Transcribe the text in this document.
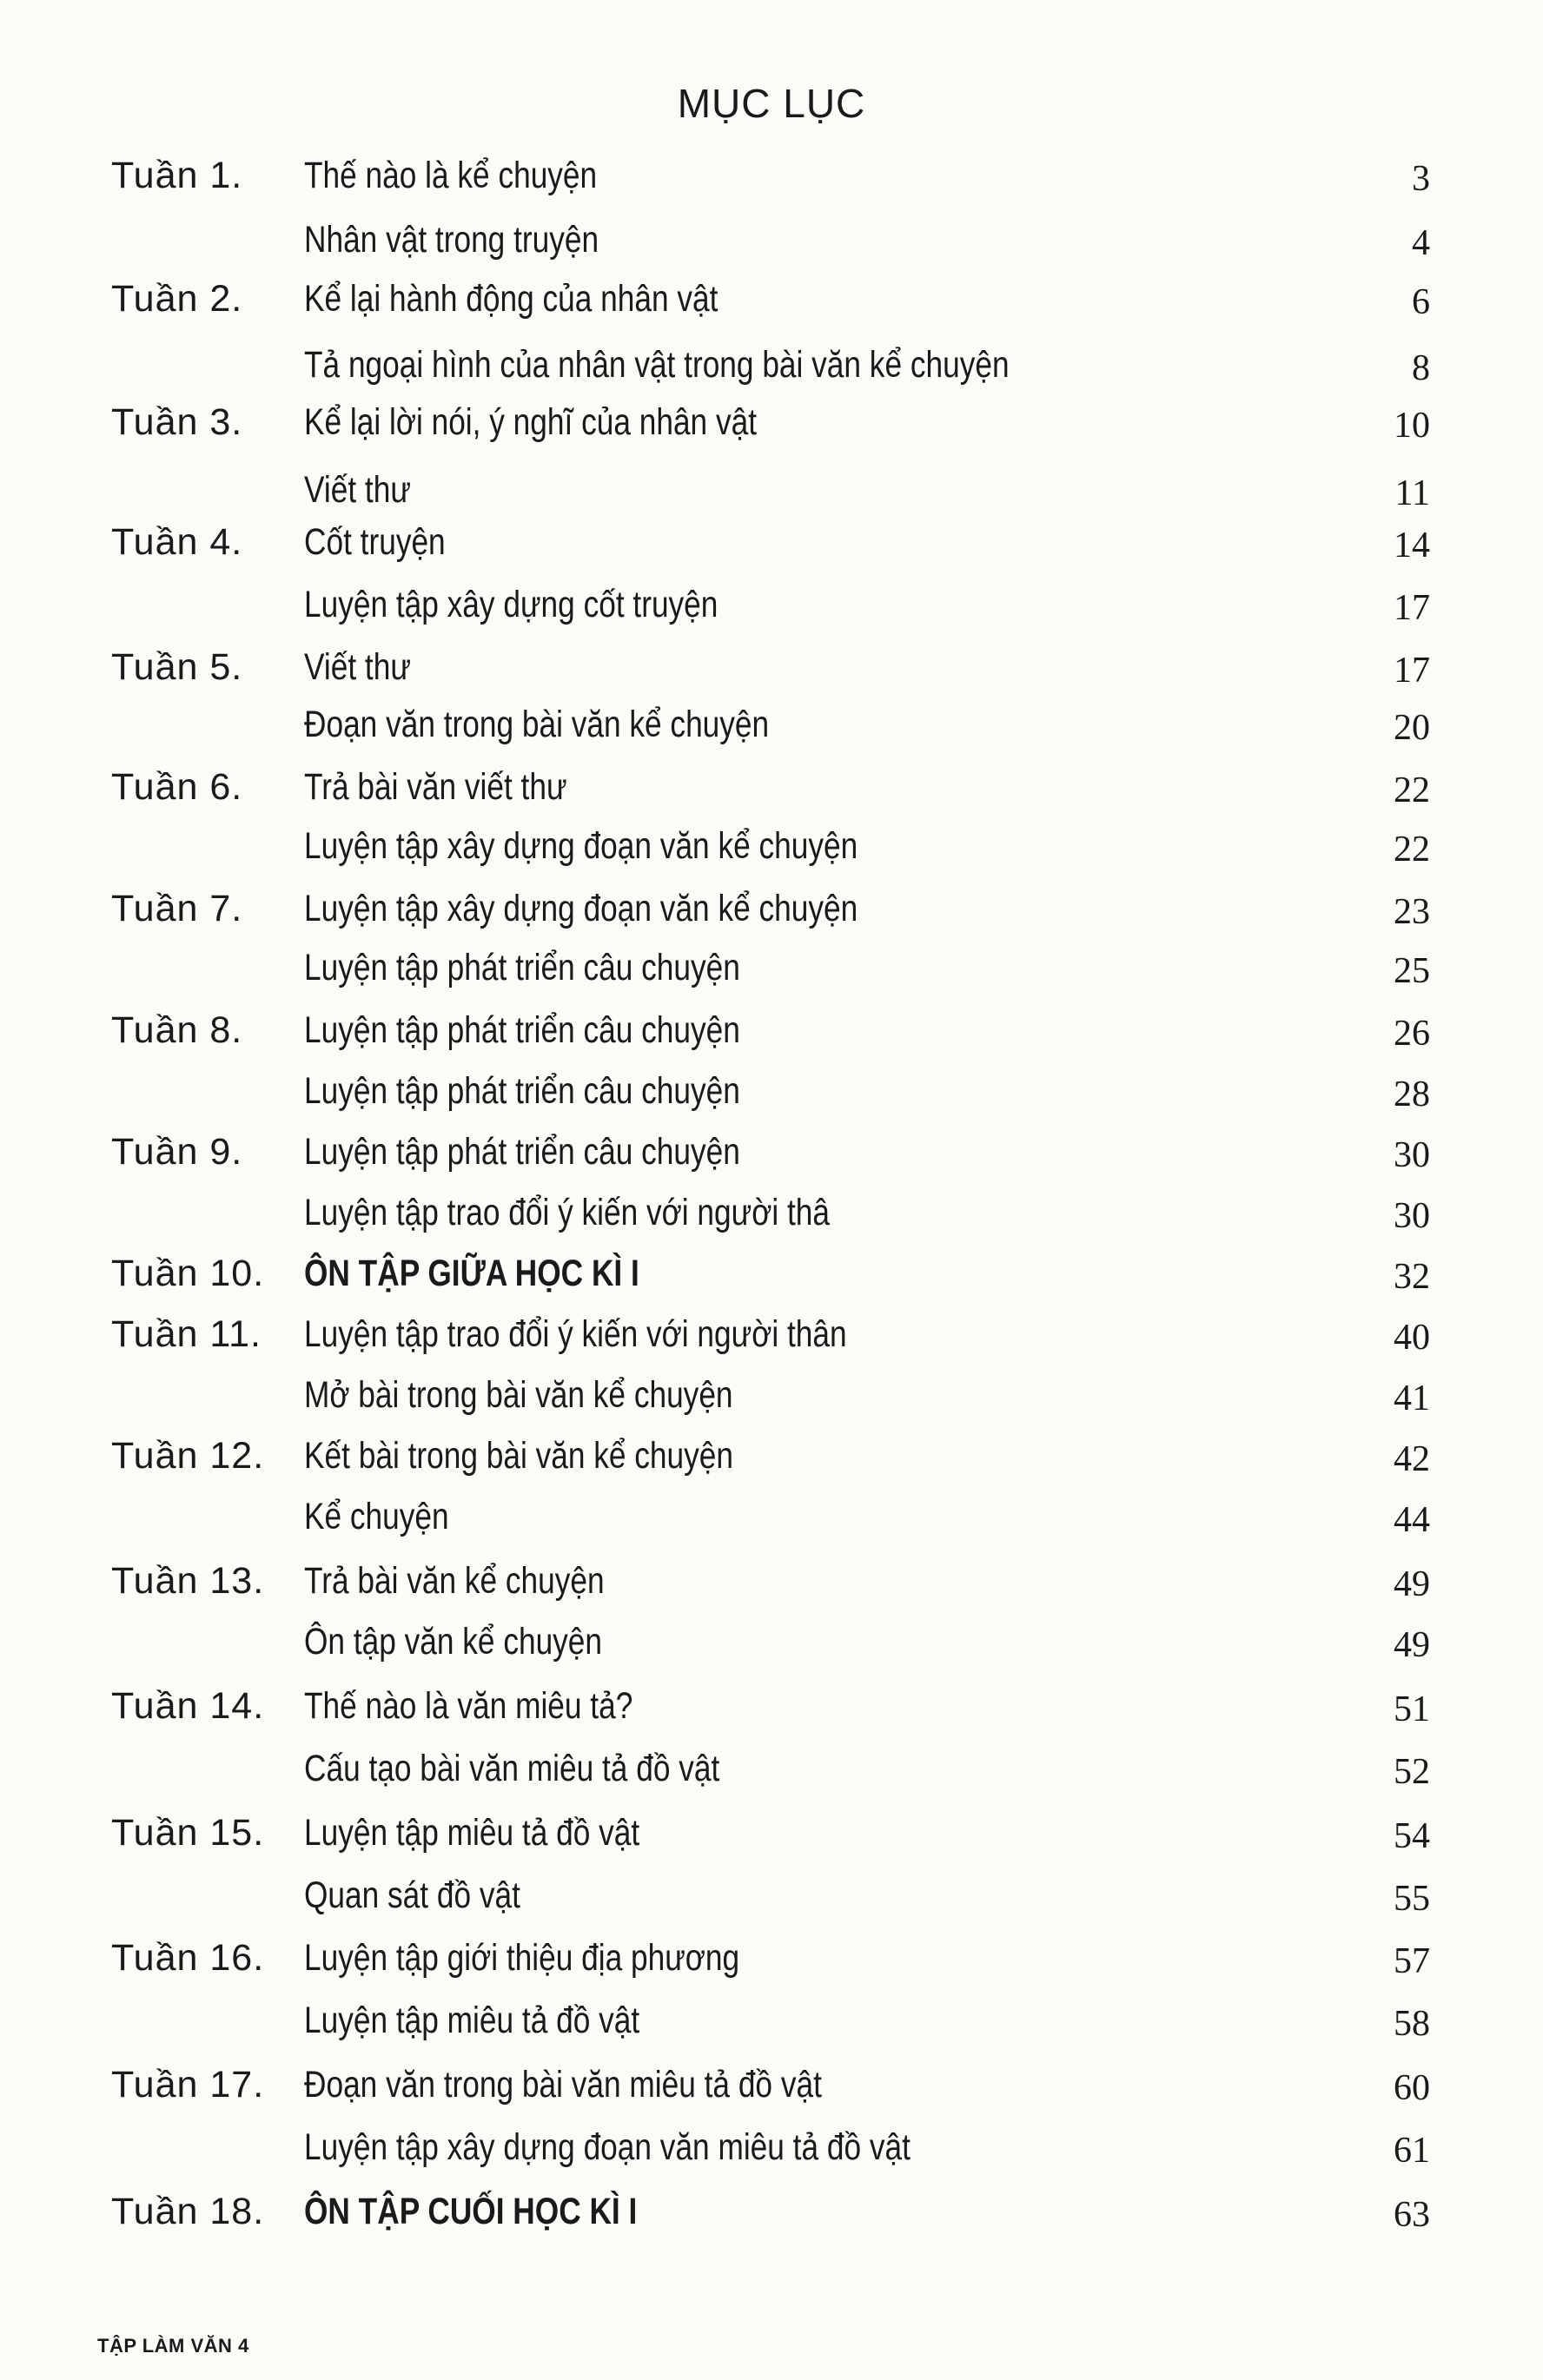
MỤC LỤC
Tuần 1. Thế nào là kể chuyện	3
Nhân vật trong truyện	4
Tuần 2. Kể lại hành động của nhân vật	6
Tả ngoại hình của nhân vật trong bài văn kể chuyện	8
Tuần 3. Kể lại lời nói, ý nghĩ của nhân vật	10
Viết thư	11
Tuần 4. Cốt truyện	14
Luyện tập xây dựng cốt truyện	17
Tuần 5. Viết thư	17
Đoạn văn trong bài văn kể chuyện	20
Tuần 6. Trả bài văn viết thư	22
Luyện tập xây dựng đoạn văn kể chuyện	22
Tuần 7. Luyện tập xây dựng đoạn văn kể chuyện	23
Luyện tập phát triển câu chuyện	25
Tuần 8. Luyện tập phát triển câu chuyện	26
Luyện tập phát triển câu chuyện	28
Tuần 9. Luyện tập phát triển câu chuyện	30
Luyện tập trao đổi ý kiến với người thâ	30
Tuần 10. ÔN TẬP GIỮA HỌC KÌ I	32
Tuần 11. Luyện tập trao đổi ý kiến với người thân	40
Mở bài trong bài văn kể chuyện	41
Tuần 12. Kết bài trong bài văn kể chuyện	42
Kể chuyện	44
Tuần 13. Trả bài văn kể chuyện	49
Ôn tập văn kể chuyện	49
Tuần 14. Thế nào là văn miêu tả?	51
Cấu tạo bài văn miêu tả đồ vật	52
Tuần 15. Luyện tập miêu tả đồ vật	54
Quan sát đồ vật	55
Tuần 16. Luyện tập giới thiệu địa phương	57
Luyện tập miêu tả đồ vật	58
Tuần 17. Đoạn văn trong bài văn miêu tả đồ vật	60
Luyện tập xây dựng đoạn văn miêu tả đồ vật	61
Tuần 18. ÔN TẬP CUỐI HỌC KÌ I	63
TẬP LÀM VĂN 4
